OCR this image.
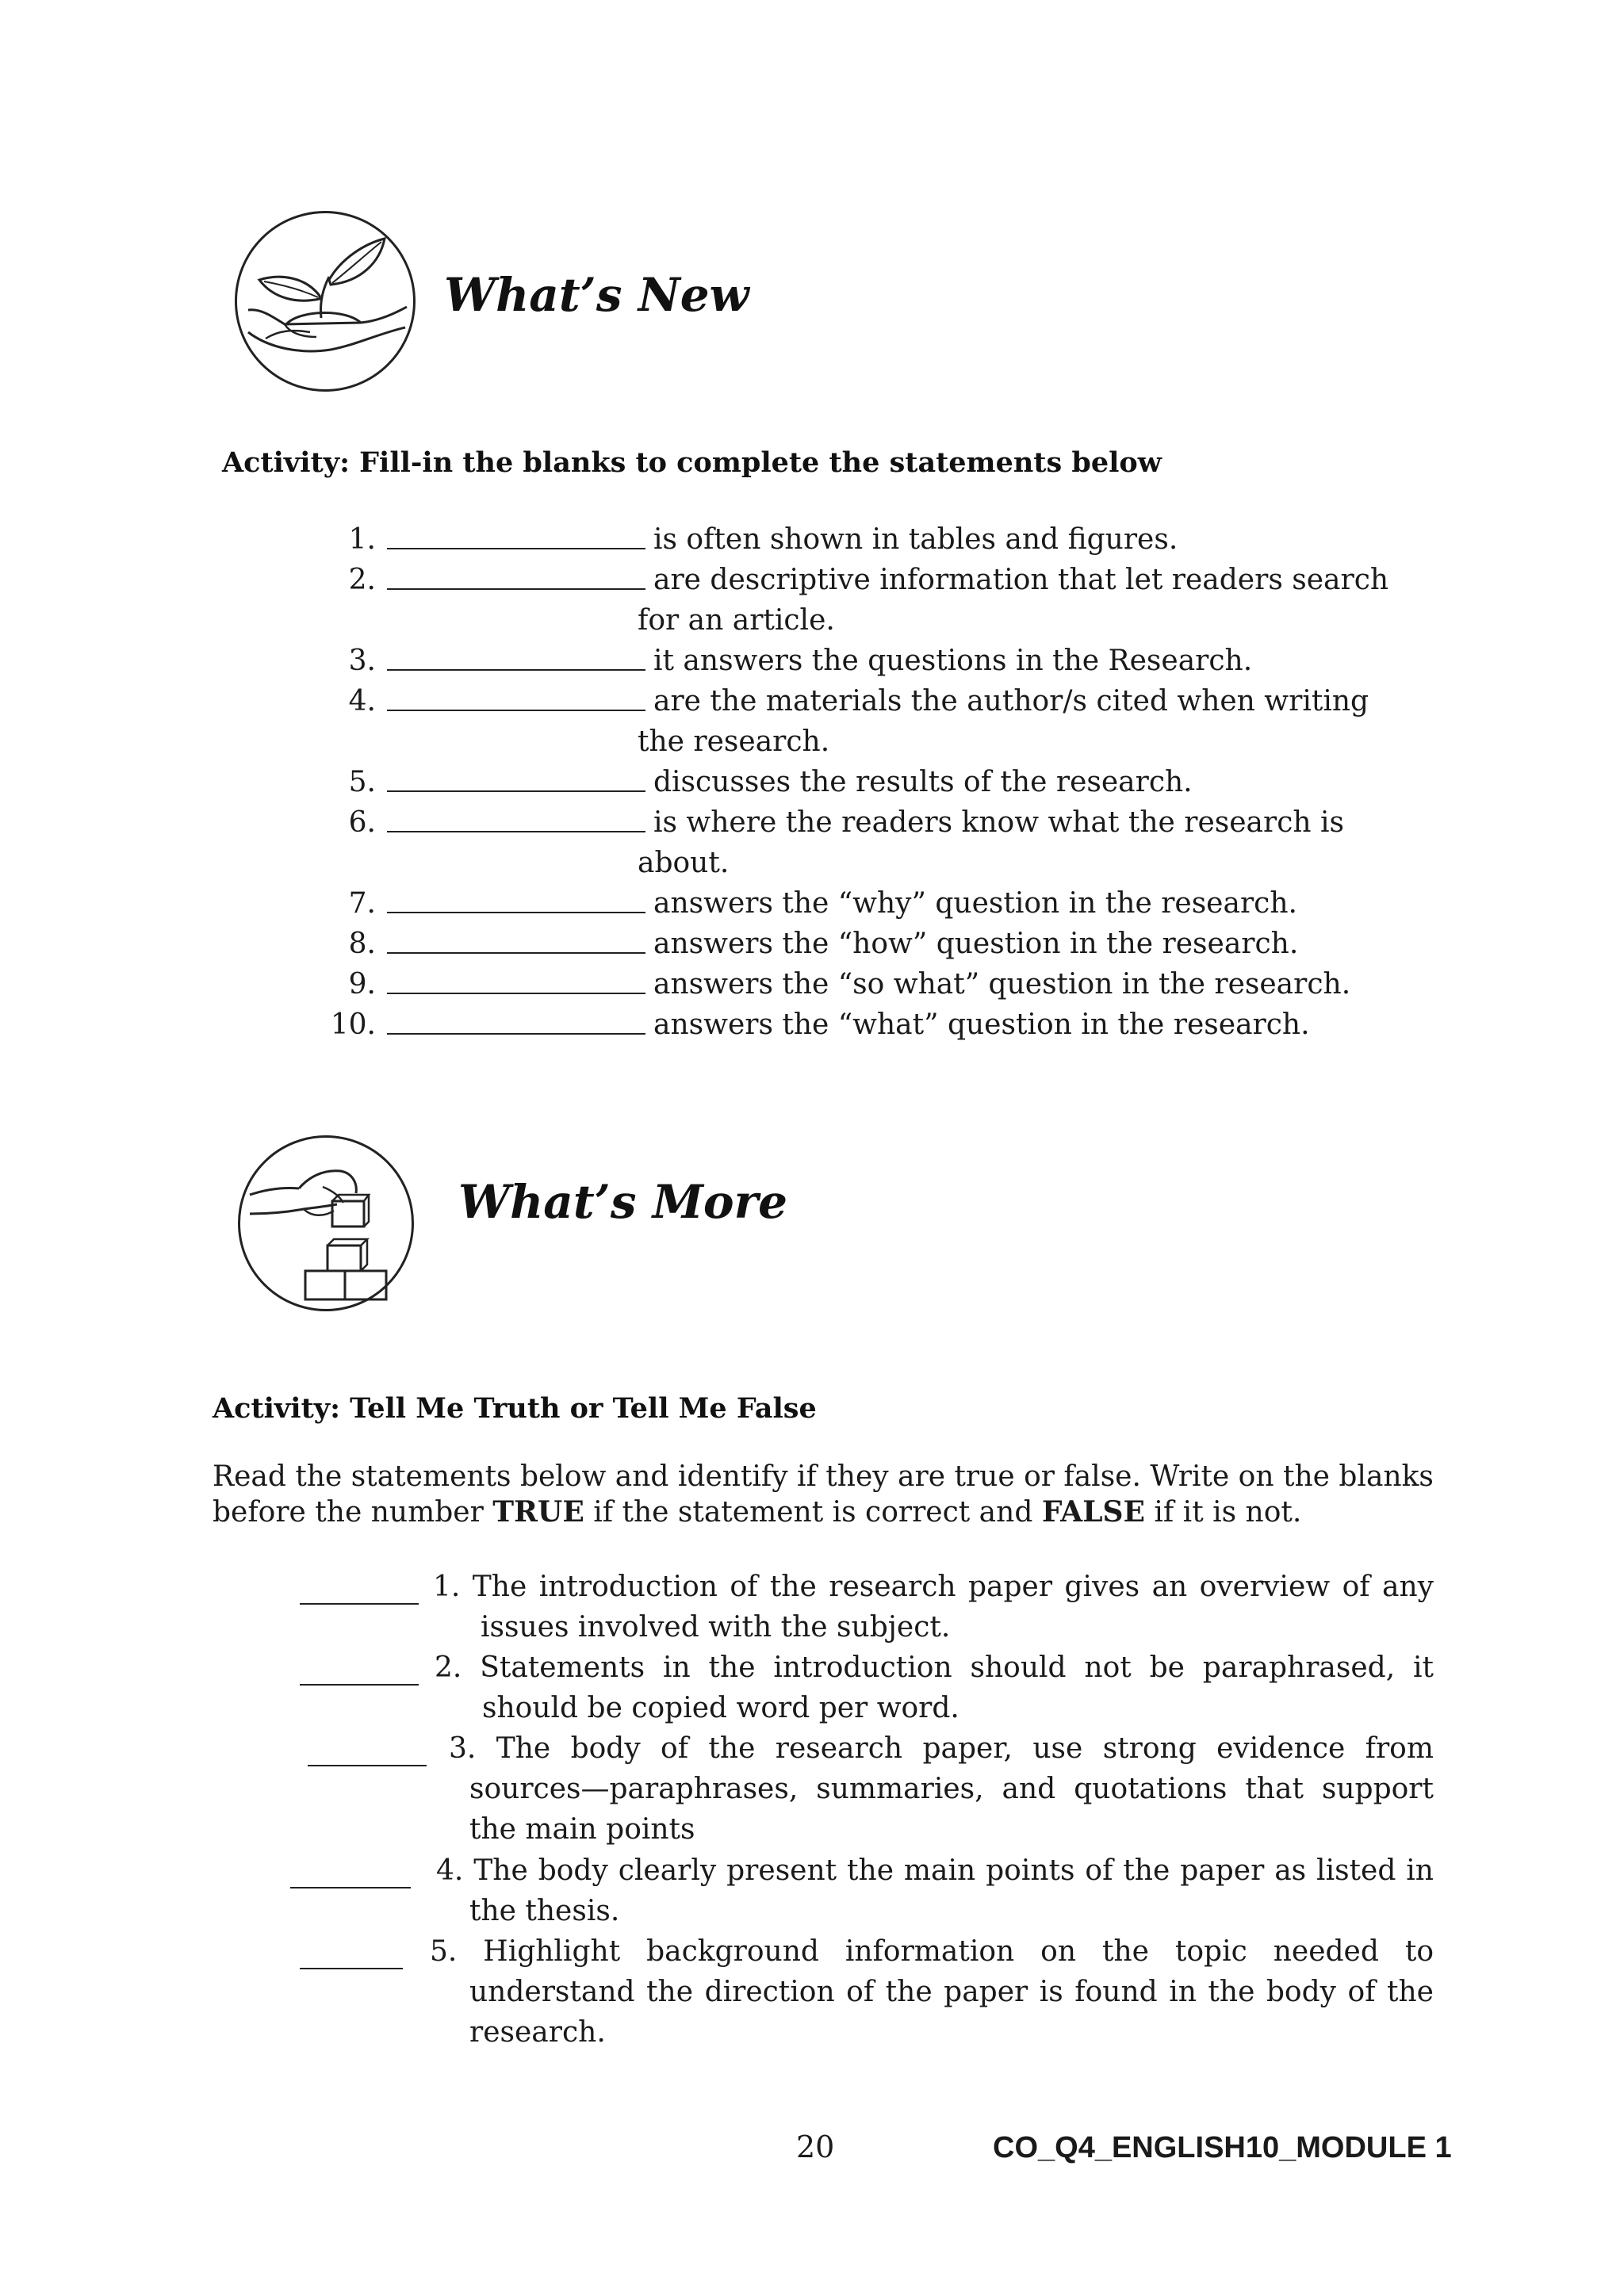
What’s New
Activity: Fill-in the blanks to complete the statements below
1.	is often shown in tables and figures.
2.	are descriptive information that let readers search
for an article.
3.	it answers the questions in the Research.
4.	are the materials the author/s cited when writing
the research.
5.	discusses the results of the research.
6.	is where the readers know what the research is
about.
7.	answers the “why” question in the research.
8.	answers the “how” question in the research.
9.	answers the “so what” question in the research.
10.	answers the “what” question in the research.
What’s More
Activity: Tell Me Truth or Tell Me False
Read the statements below and identify if they are true or false. Write on the blanks before the number TRUE if the statement is correct and FALSE if it is not.
1. The introduction of the research paper gives an overview of any
issues involved with the subject.
2. Statements in the introduction should not be paraphrased, it
should be copied word per word.
3. The body of the research paper, use strong evidence from
sources—paraphrases, summaries, and quotations that support the main points
4. The body clearly present the main points of the paper as listed in
the thesis.
5. Highlight background information on the topic needed to
understand the direction of the paper is found in the body of the research.
20	CO_Q4_ENGLISH10_MODULE 1
